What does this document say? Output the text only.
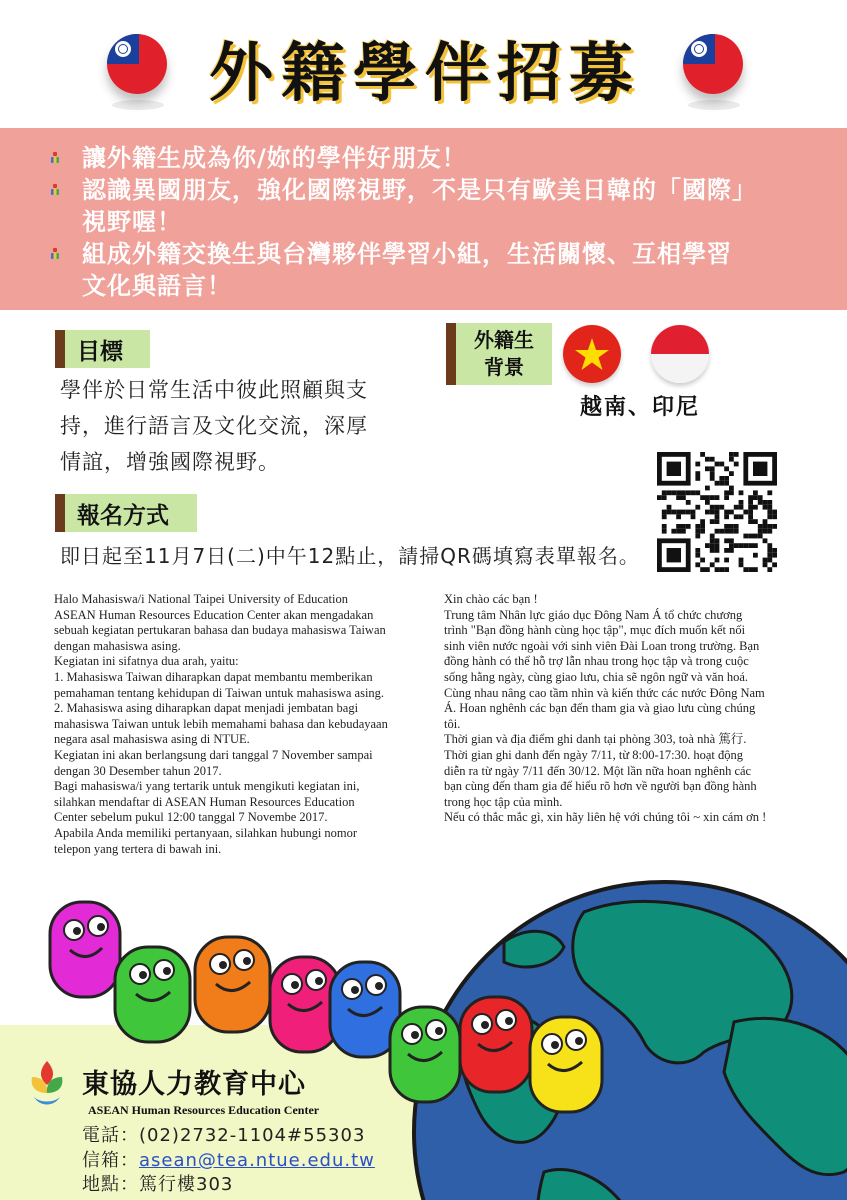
外籍學伴招募
讓外籍生成為你/妳的學伴好朋友！
認識異國朋友，強化國際視野，不是只有歐美日韓的「國際」
視野喔！
組成外籍交換生與台灣夥伴學習小組，生活關懷、互相學習
文化與語言！
目標
學伴於日常生活中彼此照顧與支
持，進行語言及文化交流，深厚
情誼，增強國際視野。
外籍生
背景
越南、印尼
報名方式
即日起至11月7日(二)中午12點止，請掃QR碼填寫表單報名。

Halo Mahasiswa/i National Taipei University of Education

ASEAN Human Resources Education Center akan mengadakan

sebuah kegiatan pertukaran bahasa dan budaya mahasiswa Taiwan

dengan mahasiswa asing.

Kegiatan ini sifatnya dua arah, yaitu:

1. Mahasiswa Taiwan diharapkan dapat membantu memberikan

pemahaman tentang kehidupan di Taiwan untuk mahasiswa asing.

2. Mahasiswa asing diharapkan dapat menjadi jembatan bagi

mahasiswa Taiwan untuk lebih memahami bahasa dan kebudayaan

negara asal mahasiswa asing di NTUE.

Kegiatan ini akan berlangsung dari tanggal 7 November sampai

dengan 30 Desember tahun 2017.

Bagi mahasiswa/i yang tertarik untuk mengikuti kegiatan ini,

silahkan mendaftar di ASEAN Human Resources Education

Center sebelum pukul 12:00 tanggal 7 Novembe 2017.

Apabila Anda memiliki pertanyaan, silahkan hubungi nomor

telepon yang tertera di bawah ini.

Xin chào các bạn !

Trung tâm Nhân lực giáo dục Đông Nam Á tổ chức chương

trình "Bạn đồng hành cùng học tập", mục đích muốn kết nối

sinh viên nước ngoài với sinh viên Đài Loan trong trường. Bạn

đồng hành có thể hỗ trợ lẫn nhau trong học tập và trong cuộc

sống hằng ngày, cùng giao lưu, chia sẽ ngôn ngữ và văn hoá.

Cùng nhau nâng cao tầm nhìn và kiến thức các nước Đông Nam

Á. Hoan nghênh các bạn đến tham gia và giao lưu cùng chúng

tôi.

Thời gian và địa điểm ghi danh tại phòng 303, toà nhà 篤行.

Thời gian ghi danh đến ngày 7/11, từ 8:00-17:30. hoạt động

diễn ra từ ngày 7/11 đến 30/12. Một lần nữa hoan nghênh các

bạn cùng đến tham gia để hiểu rõ hơn về người bạn đồng hành

trong học tập của mình.

Nếu có thắc mắc gì, xin hãy liên hệ với chúng tôi ~ xin cám ơn !

東協人力教育中心
ASEAN Human Resources Education Center
電話：(02)2732-1104#55303
信箱：asean@tea.ntue.edu.tw
地點：篤行樓303
